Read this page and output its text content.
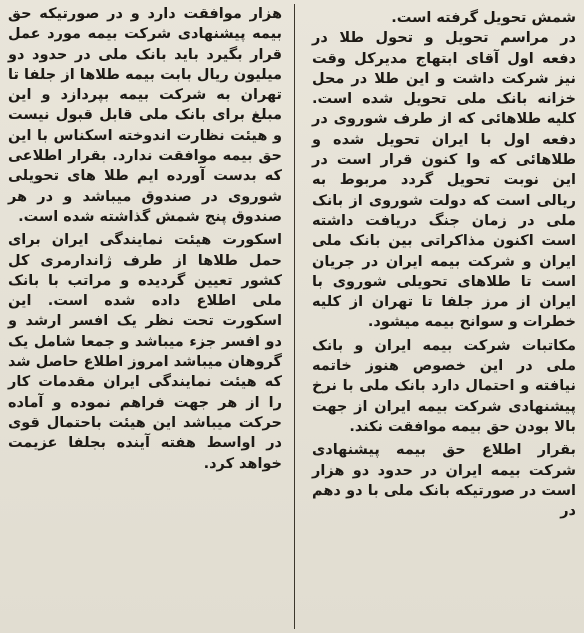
شمش تحویل گرفته است.

در مراسم تحویل و تحول طلا در دفعه اول آقای ابتهاج مدیرکل وقت نیز شرکت داشت و این طلا در محل خزانه بانک ملی تحویل شده است. کلیه طلاهائی که از طرف شوروی در دفعه اول با ایران تحویل شده و طلاهائی که وا کنون قرار است در این نوبت تحویل گردد مربوط به ریالی است که دولت شوروی از بانک ملی در زمان جنگ دریافت داشته است اکنون مذاکراتی بین بانک ملی ایران و شرکت بیمه ایران در جریان است تا طلاهای تحویلی شوروی با ایران از مرز جلفا تا تهران از کلیه خطرات و سوانح بیمه میشود.

مکاتبات شرکت بیمه ایران و بانک ملی در این خصوص هنوز خاتمه نیافته و احتمال دارد بانک ملی با نرخ پیشنهادی شرکت بیمه ایران از جهت بالا بودن حق بیمه موافقت نکند.

بقرار اطلاع حق بیمه پیشنهادی شرکت بیمه ایران در حدود دو هزار است در صورتیکه بانک ملی با دو دهم در

هزار موافقت دارد و در صورتیکه حق بیمه پیشنهادی شرکت بیمه مورد عمل قرار بگیرد باید بانک ملی در حدود دو میلیون ریال بابت بیمه طلاها از جلفا تا تهران به شرکت بیمه بپردازد و این مبلغ برای بانک ملی قابل قبول نیست و هیئت نظارت اندوخته اسکناس با این حق بیمه موافقت ندارد. بقرار اطلاعی که بدست آورده ایم طلا های تحویلی شوروی در صندوق میباشد و در هر صندوق پنج شمش گذاشته شده است.

اسکورت هیئت نمایندگی ایران برای حمل طلاها از طرف ژاندارمری کل کشور تعیین گردیده و مراتب با بانک ملی اطلاع داده شده است. این اسکورت تحت نظر یک افسر ارشد و دو افسر جزء میباشد و جمعا شامل یک گروهان میباشد امروز اطلاع حاصل شد که هیئت نمایندگی ایران مقدمات کار را از هر جهت فراهم نموده و آماده حرکت میباشد این هیئت باحتمال قوی در اواسط هفته آینده بجلفا عزیمت خواهد کرد.
